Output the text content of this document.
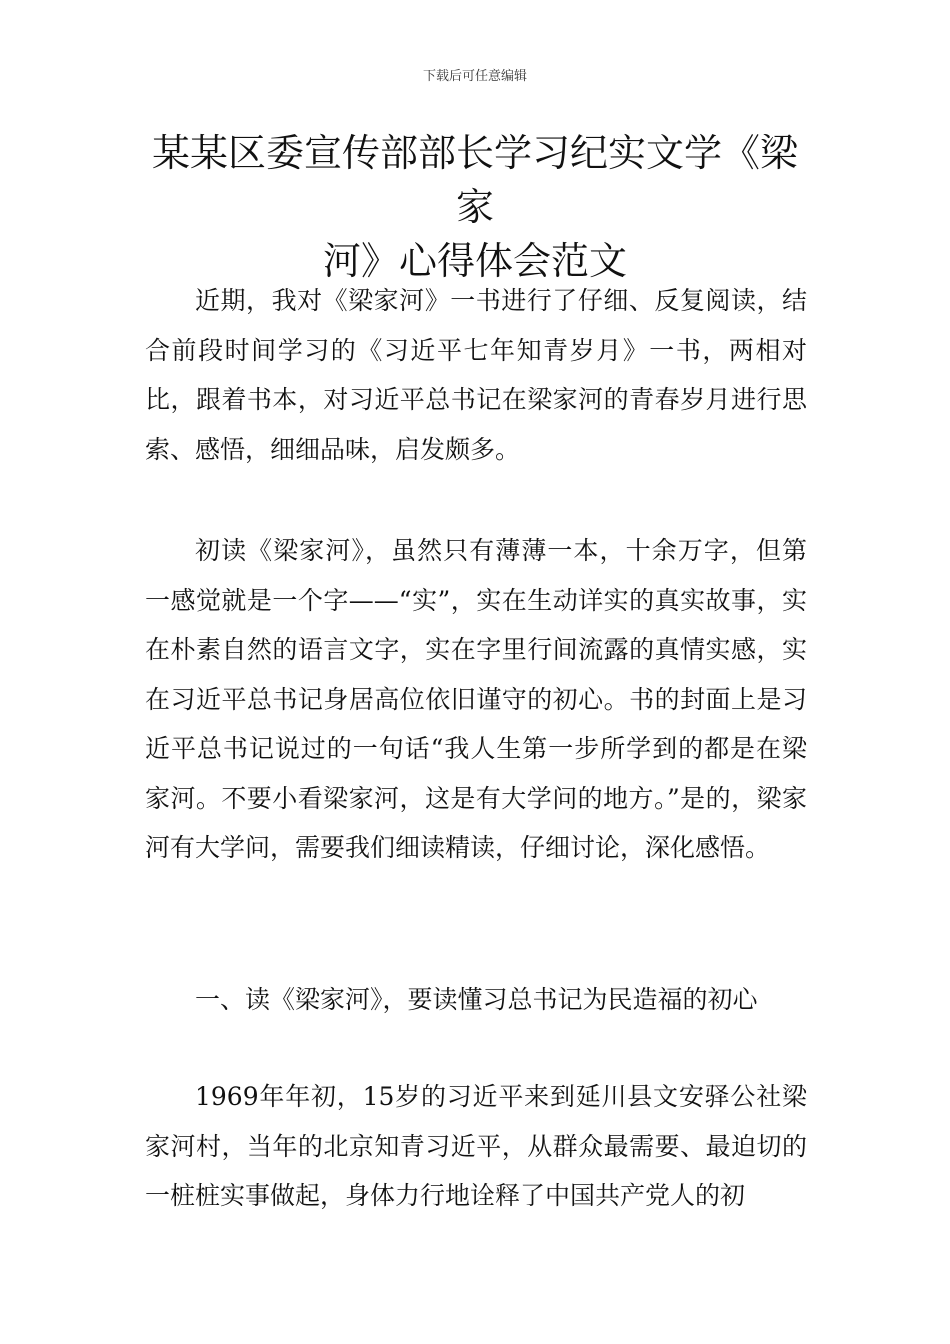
下载后可任意编辑
某某区委宣传部部长学习纪实文学《梁家
河》心得体会范文

近期，我对《梁家河》一书进行了仔细、反复阅读，结合前段时间学习的《习近平七年知青岁月》一书，两相对比，跟着书本，对习近平总书记在梁家河的青春岁月进行思索、感悟，细细品味，启发颇多。

初读《梁家河》，虽然只有薄薄一本，十余万字，但第一感觉就是一个字——“实”，实在生动详实的真实故事，实在朴素自然的语言文字，实在字里行间流露的真情实感，实在习近平总书记身居高位依旧谨守的初心。书的封面上是习近平总书记说过的一句话“我人生第一步所学到的都是在梁家河。不要小看梁家河，这是有大学问的地方。”是的，梁家河有大学问，需要我们细读精读，仔细讨论，深化感悟。

一、读《梁家河》，要读懂习总书记为民造福的初心

1969年年初，15岁的习近平来到延川县文安驿公社梁家河村，当年的北京知青习近平，从群众最需要、最迫切的一桩桩实事做起，身体力行地诠释了中国共产党人的初
